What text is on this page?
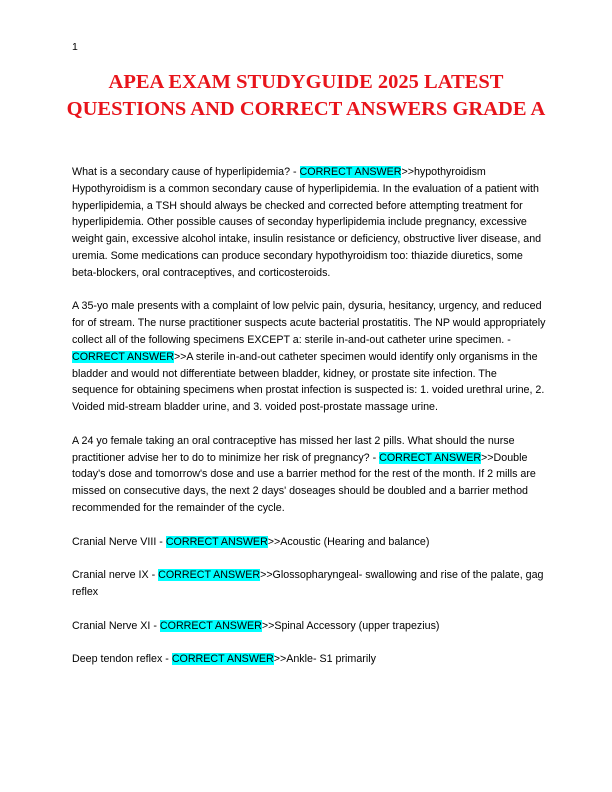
1
APEA EXAM STUDYGUIDE 2025 LATEST QUESTIONS AND CORRECT ANSWERS GRADE A

What is a secondary cause of hyperlipidemia? - CORRECT ANSWER>>hypothyroidism Hypothyroidism is a common secondary cause of hyperlipidemia. In the evaluation of a patient with hyperlipidemia, a TSH should always be checked and corrected before attempting treatment for hyperlipidemia. Other possible causes of seconday hyperlipidemia include pregnancy, excessive weight gain, excessive alcohol intake, insulin resistance or deficiency, obstructive liver disease, and uremia. Some medications can produce secondary hypothyroidism too: thiazide diuretics, some beta-blockers, oral contraceptives, and corticosteroids.

A 35-yo male presents with a complaint of low pelvic pain, dysuria, hesitancy, urgency, and reduced for of stream. The nurse practitioner suspects acute bacterial prostatitis. The NP would appropriately collect all of the following specimens EXCEPT a: sterile in-and-out catheter urine specimen. - CORRECT ANSWER>>A sterile in-and-out catheter specimen would identify only organisms in the bladder and would not differentiate between bladder, kidney, or prostate site infection. The sequence for obtaining specimens when prostat infection is suspected is: 1. voided urethral urine, 2. Voided mid-stream bladder urine, and 3. voided post-prostate massage urine.

A 24 yo female taking an oral contraceptive has missed her last 2 pills. What should the nurse practitioner advise her to do to minimize her risk of pregnancy? - CORRECT ANSWER>>Double today's dose and tomorrow's dose and use a barrier method for the rest of the month. If 2 mills are missed on consecutive days, the next 2 days' doseages should be doubled and a barrier method recommended for the remainder of the cycle.

Cranial Nerve VIII - CORRECT ANSWER>>Acoustic (Hearing and balance)

Cranial nerve IX - CORRECT ANSWER>>Glossopharyngeal- swallowing and rise of the palate, gag reflex

Cranial Nerve XI - CORRECT ANSWER>>Spinal Accessory (upper trapezius)

Deep tendon reflex - CORRECT ANSWER>>Ankle- S1 primarily
